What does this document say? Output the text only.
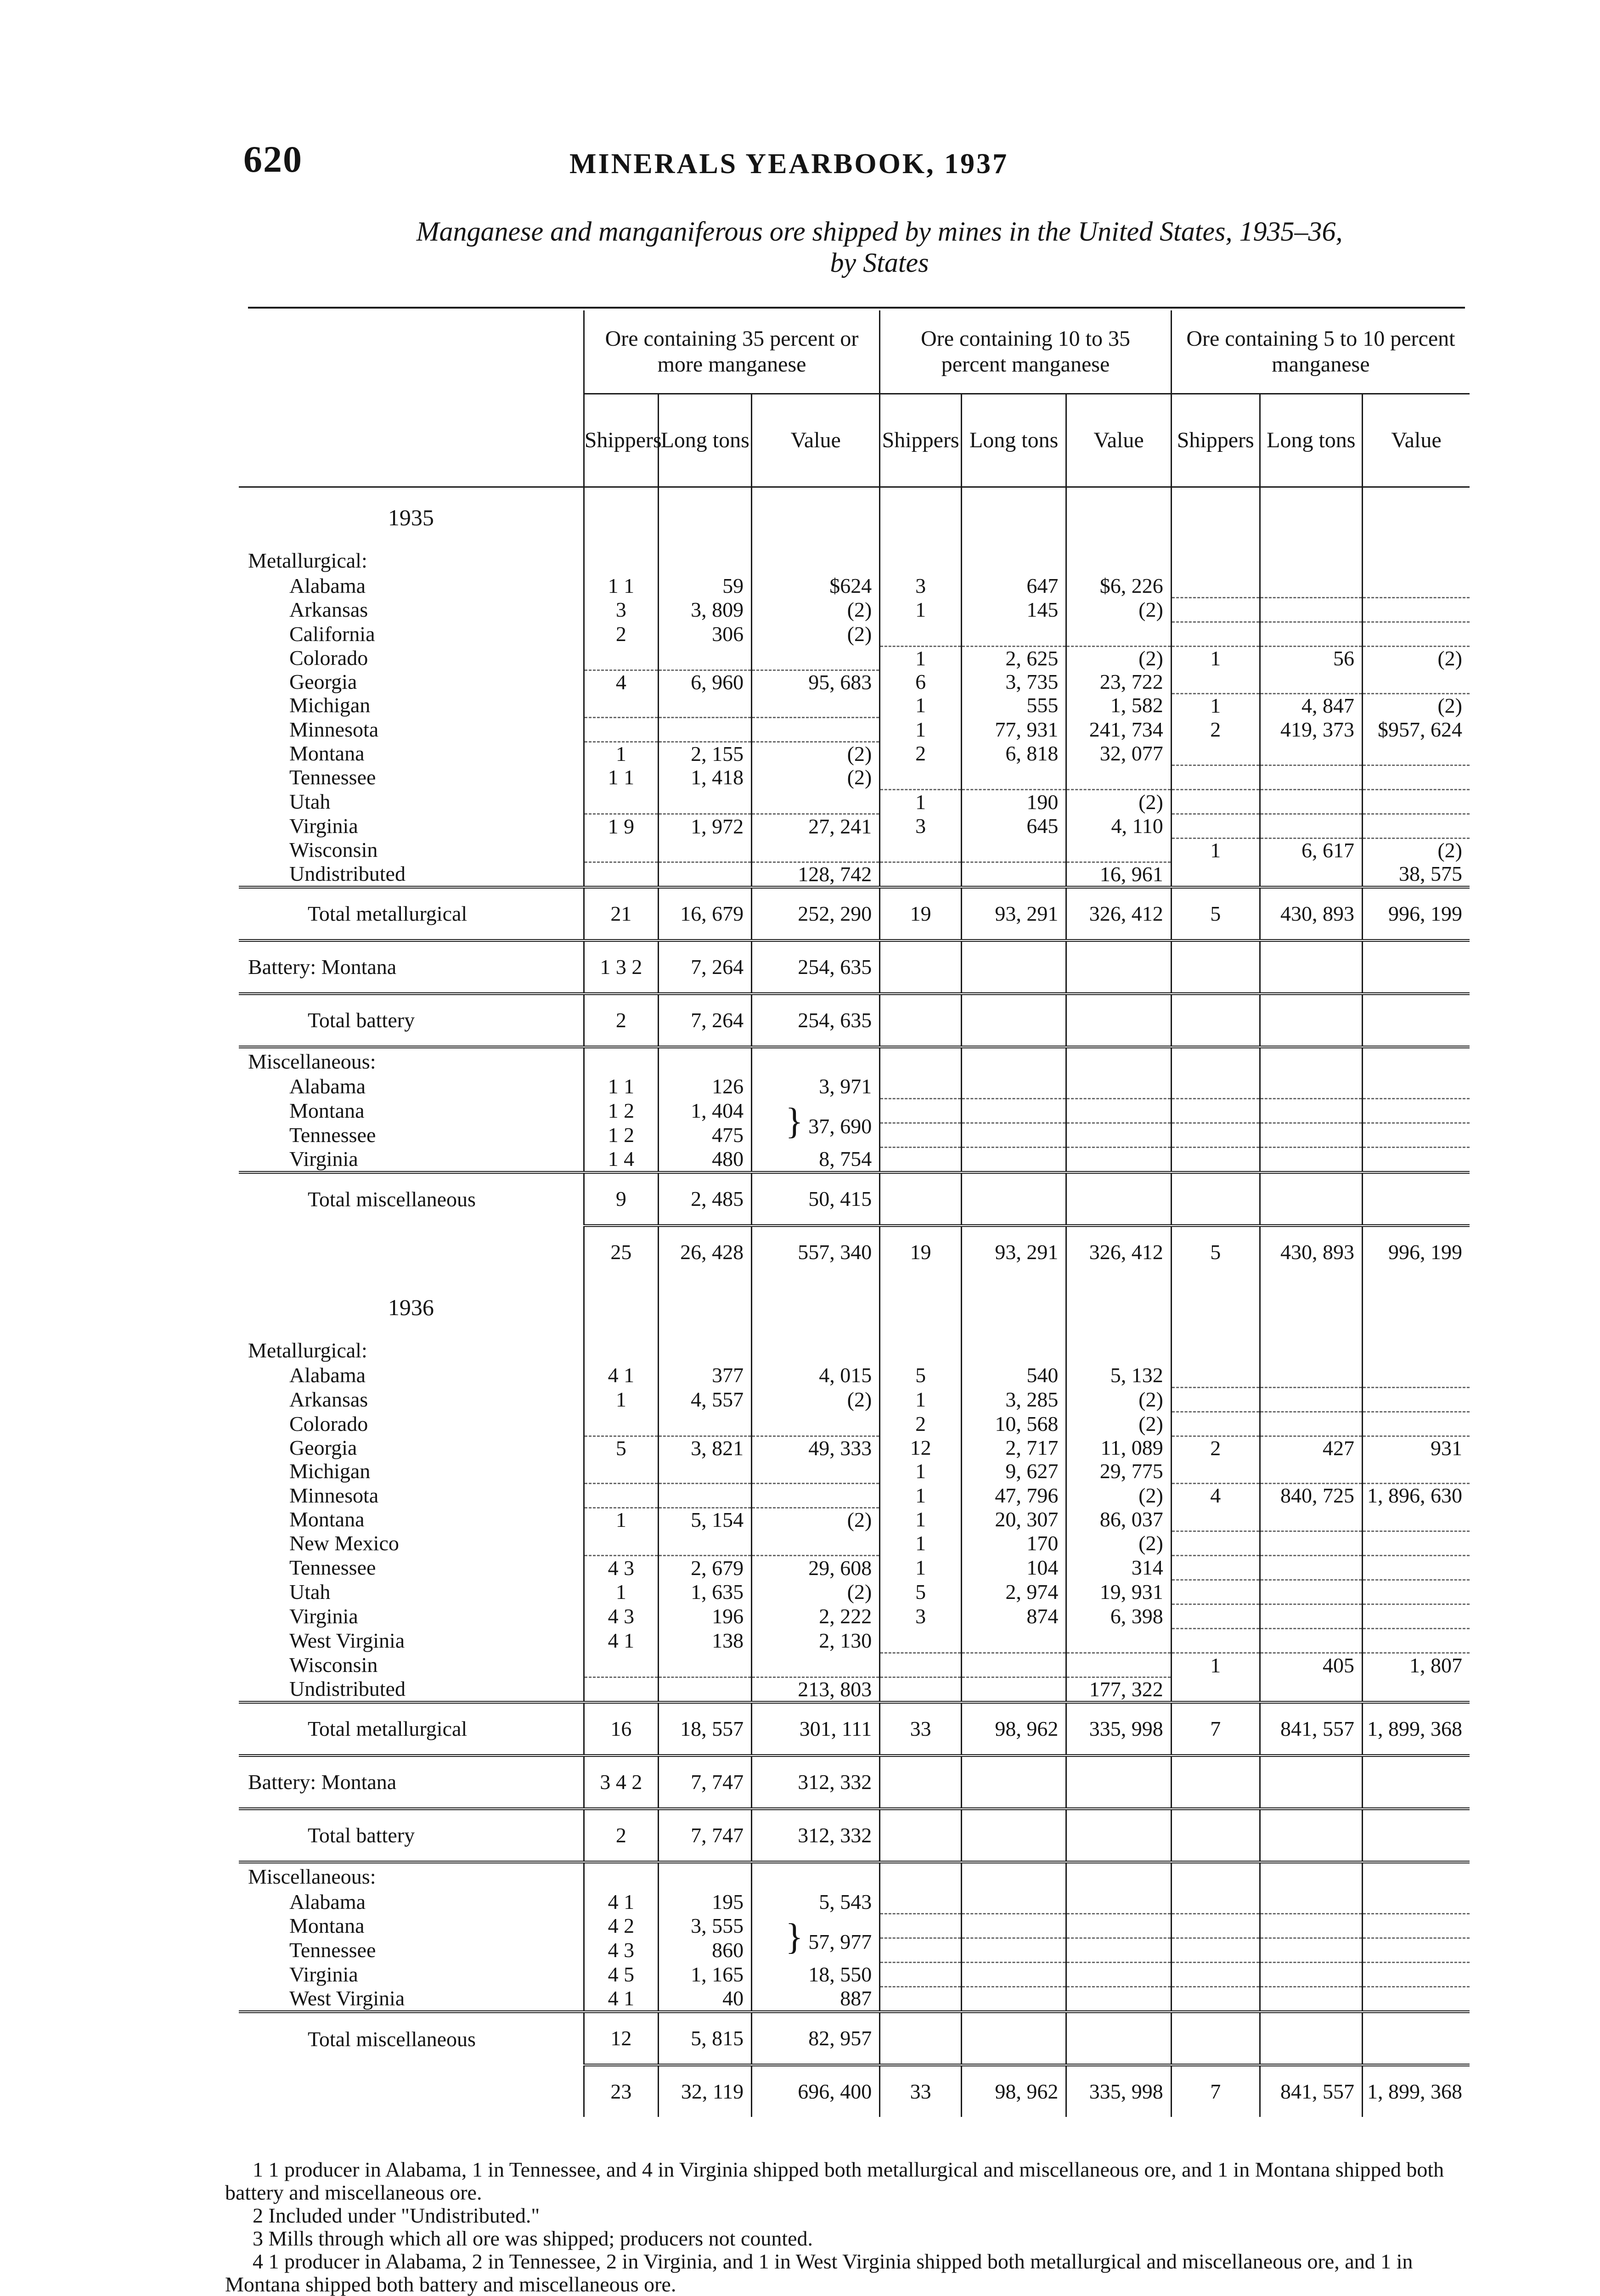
620	MINERALS YEARBOOK, 1937
Manganese and manganiferous ore shipped by mines in the United States, 1935–36,
by States
	Ore containing 35 percent or more manganese			Ore containing 10 to 35 percent manganese			Ore containing 5 to 10 percent manganese		
	Shippers	Long tons	Value	Shippers	Long tons	Value	Shippers	Long tons	Value
1935									
Metallurgical:									
Alabama	1 1	59	$624	3	647	$6, 226			
Arkansas	3	3, 809	(2)	1	145	(2)			
California	2	306	(2)						
Colorado				1	2, 625	(2)	1	56	(2)
Georgia	4	6, 960	95, 683	6	3, 735	23, 722			
Michigan				1	555	1, 582	1	4, 847	(2)
Minnesota				1	77, 931	241, 734	2	419, 373	$957, 624
Montana	1	2, 155	(2)	2	6, 818	32, 077			
Tennessee	1 1	1, 418	(2)						
Utah				1	190	(2)			
Virginia	1 9	1, 972	27, 241	3	645	4, 110			
Wisconsin							1	6, 617	(2)
Undistributed			128, 742			16, 961			38, 575
Total metallurgical	21	16, 679	252, 290	19	93, 291	326, 412	5	430, 893	996, 199
Battery: Montana	1 3 2	7, 264	254, 635						
Total battery	2	7, 264	254, 635						
Miscellaneous:									
Alabama	1 1	126	3, 971						
Montana	1 2	1, 404	} 37, 690						
Tennessee	1 2	475							
Virginia	1 4	480	8, 754						
Total miscellaneous	9	2, 485	50, 415						
	25	26, 428	557, 340	19	93, 291	326, 412	5	430, 893	996, 199
1936									
Metallurgical:									
Alabama	4 1	377	4, 015	5	540	5, 132			
Arkansas	1	4, 557	(2)	1	3, 285	(2)			
Colorado				2	10, 568	(2)			
Georgia	5	3, 821	49, 333	12	2, 717	11, 089	2	427	931
Michigan				1	9, 627	29, 775			
Minnesota				1	47, 796	(2)	4	840, 725	1, 896, 630
Montana	1	5, 154	(2)	1	20, 307	86, 037			
New Mexico				1	170	(2)			
Tennessee	4 3	2, 679	29, 608	1	104	314			
Utah	1	1, 635	(2)	5	2, 974	19, 931			
Virginia	4 3	196	2, 222	3	874	6, 398			
West Virginia	4 1	138	2, 130						
Wisconsin							1	405	1, 807
Undistributed			213, 803			177, 322			
Total metallurgical	16	18, 557	301, 111	33	98, 962	335, 998	7	841, 557	1, 899, 368
Battery: Montana	3 4 2	7, 747	312, 332						
Total battery	2	7, 747	312, 332						
Miscellaneous:									
Alabama	4 1	195	5, 543						
Montana	4 2	3, 555	} 57, 977						
Tennessee	4 3	860							
Virginia	4 5	1, 165	18, 550						
West Virginia	4 1	40	887						
Total miscellaneous	12	5, 815	82, 957						
	23	32, 119	696, 400	33	98, 962	335, 998	7	841, 557	1, 899, 368
1 1 producer in Alabama, 1 in Tennessee, and 4 in Virginia shipped both metallurgical and miscellaneous ore, and 1 in Montana shipped both battery and miscellaneous ore.
2 Included under "Undistributed."
3 Mills through which all ore was shipped; producers not counted.
4 1 producer in Alabama, 2 in Tennessee, 2 in Virginia, and 1 in West Virginia shipped both metallurgical and miscellaneous ore, and 1 in Montana shipped both battery and miscellaneous ore.
